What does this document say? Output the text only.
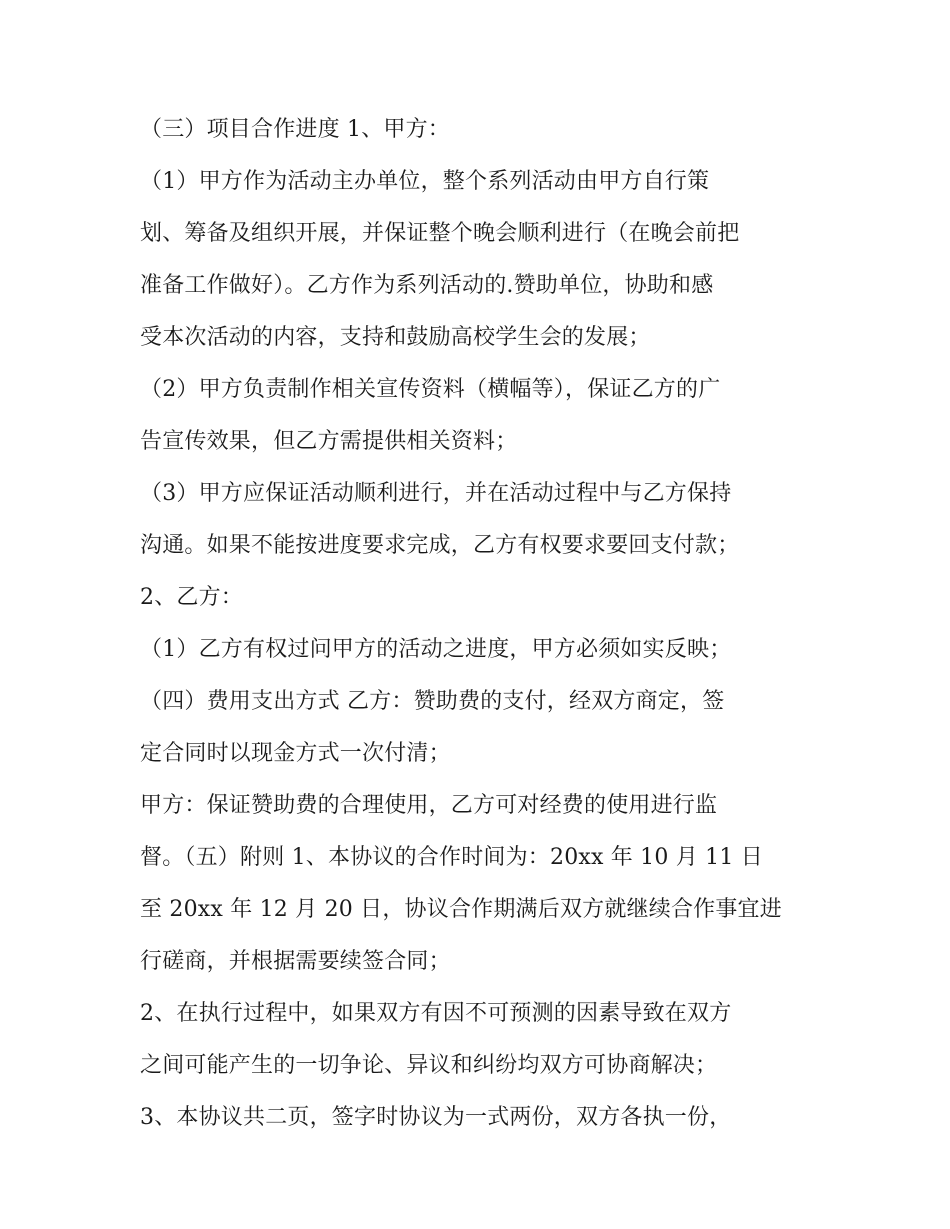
（三）项目合作进度 1、甲方：
（1）甲方作为活动主办单位，整个系列活动由甲方自行策
划、筹备及组织开展，并保证整个晚会顺利进行（在晚会前把
准备工作做好）。乙方作为系列活动的.赞助单位，协助和感
受本次活动的内容，支持和鼓励高校学生会的发展；
（2）甲方负责制作相关宣传资料（横幅等），保证乙方的广
告宣传效果，但乙方需提供相关资料；
（3）甲方应保证活动顺利进行，并在活动过程中与乙方保持
沟通。如果不能按进度要求完成，乙方有权要求要回支付款；
2、乙方：
（1）乙方有权过问甲方的活动之进度，甲方必须如实反映；
（四）费用支出方式 乙方：赞助费的支付，经双方商定，签
定合同时以现金方式一次付清；
甲方：保证赞助费的合理使用，乙方可对经费的使用进行监
督。（五）附则 1、本协议的合作时间为：20xx 年 10 月 11 日
至 20xx 年 12 月 20 日，协议合作期满后双方就继续合作事宜进
行磋商，并根据需要续签合同；
2、在执行过程中，如果双方有因不可预测的因素导致在双方
之间可能产生的一切争论、异议和纠纷均双方可协商解决；
3、本协议共二页，签字时协议为一式两份，双方各执一份，
